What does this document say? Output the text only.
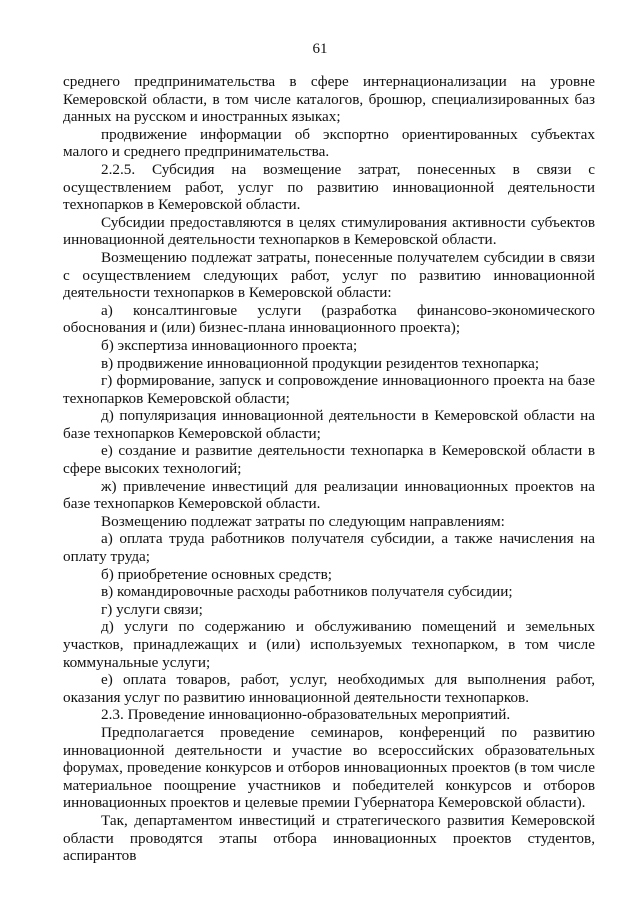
61

среднего предпринимательства в сфере интернационализации на уровне Кемеровской области, в том числе каталогов, брошюр, специализированных баз данных на русском и иностранных языках;

продвижение информации об экспортно ориентированных субъектах малого и среднего предпринимательства.

2.2.5. Субсидия на возмещение затрат, понесенных в связи с осуществлением работ, услуг по развитию инновационной деятельности технопарков в Кемеровской области.

Субсидии предоставляются в целях стимулирования активности субъектов инновационной деятельности технопарков в Кемеровской области.

Возмещению подлежат затраты, понесенные получателем субсидии в связи с осуществлением следующих работ, услуг по развитию инновационной деятельности технопарков в Кемеровской области:

а) консалтинговые услуги (разработка финансово-экономического обоснования и (или) бизнес-плана инновационного проекта);

б) экспертиза инновационного проекта;

в) продвижение инновационной продукции резидентов технопарка;

г) формирование, запуск и сопровождение инновационного проекта на базе технопарков Кемеровской области;

д) популяризация инновационной деятельности в Кемеровской области на базе технопарков Кемеровской области;

е) создание и развитие деятельности технопарка в Кемеровской области в сфере высоких технологий;

ж) привлечение инвестиций для реализации инновационных проектов на базе технопарков Кемеровской области.

Возмещению подлежат затраты по следующим направлениям:

а) оплата труда работников получателя субсидии, а также начисления на оплату труда;

б) приобретение основных средств;

в) командировочные расходы работников получателя субсидии;

г) услуги связи;

д) услуги по содержанию и обслуживанию помещений и земельных участков, принадлежащих и (или) используемых технопарком, в том числе коммунальные услуги;

е) оплата товаров, работ, услуг, необходимых для выполнения работ, оказания услуг по развитию инновационной деятельности технопарков.

2.3. Проведение инновационно-образовательных мероприятий.

Предполагается проведение семинаров, конференций по развитию инновационной деятельности и участие во всероссийских образовательных форумах, проведение конкурсов и отборов инновационных проектов (в том числе материальное поощрение участников и победителей конкурсов и отборов инновационных проектов и целевые премии Губернатора Кемеровской области).

Так, департаментом инвестиций и стратегического развития Кемеровской области проводятся этапы отбора инновационных проектов студентов, аспирантов
